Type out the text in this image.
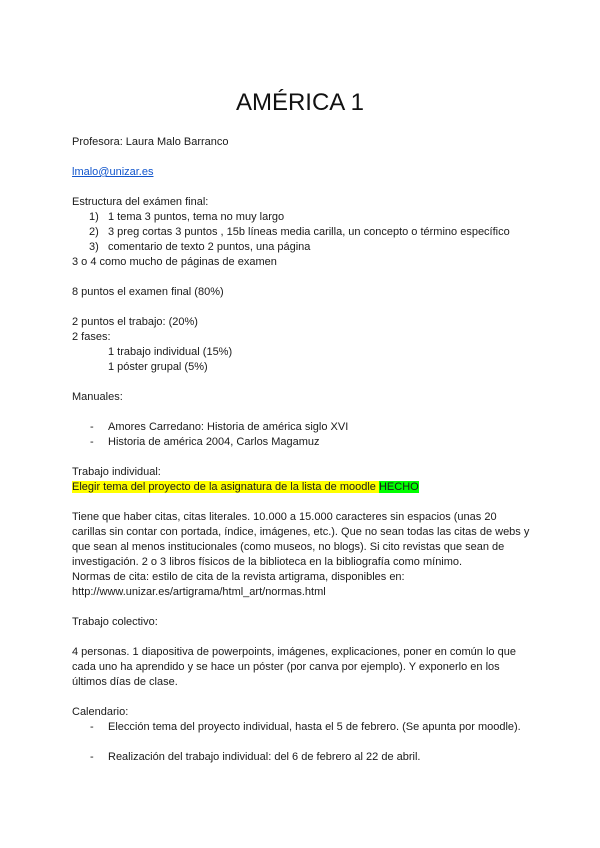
AMÉRICA 1

Profesora: Laura Malo Barranco

lmalo@unizar.es

Estructura del exámen final:

1) 1 tema 3 puntos, tema no muy largo
2) 3 preg cortas 3 puntos , 15b líneas media carilla, un concepto o término específico
3) comentario de texto 2 puntos, una página

3 o 4 como mucho de páginas de examen

8 puntos el examen final (80%)

2 puntos el trabajo: (20%)

2 fases:

1 trabajo individual (15%)

1 póster grupal (5%)

Manuales:

- Amores Carredano: Historia de américa siglo XVI
- Historia de américa 2004, Carlos Magamuz

Trabajo individual:

Elegir tema del proyecto de la asignatura de la lista de moodle HECHO

Tiene que haber citas, citas literales. 10.000 a 15.000 caracteres sin espacios (unas 20 carillas sin contar con portada, índice, imágenes, etc.). Que no sean todas las citas de webs y que sean al menos institucionales (como museos, no blogs). Si cito revistas que sean de investigación. 2 o 3 libros físicos de la biblioteca en la bibliografía como mínimo.

Normas de cita: estilo de cita de la revista artigrama, disponibles en:

http://www.unizar.es/artigrama/html_art/normas.html

Trabajo colectivo:

4 personas. 1 diapositiva de powerpoints, imágenes, explicaciones, poner en común lo que cada uno ha aprendido y se hace un póster (por canva por ejemplo). Y exponerlo en los últimos días de clase.

Calendario:

- Elección tema del proyecto individual, hasta el 5 de febrero. (Se apunta por moodle).
- Realización del trabajo individual: del 6 de febrero al 22 de abril.
